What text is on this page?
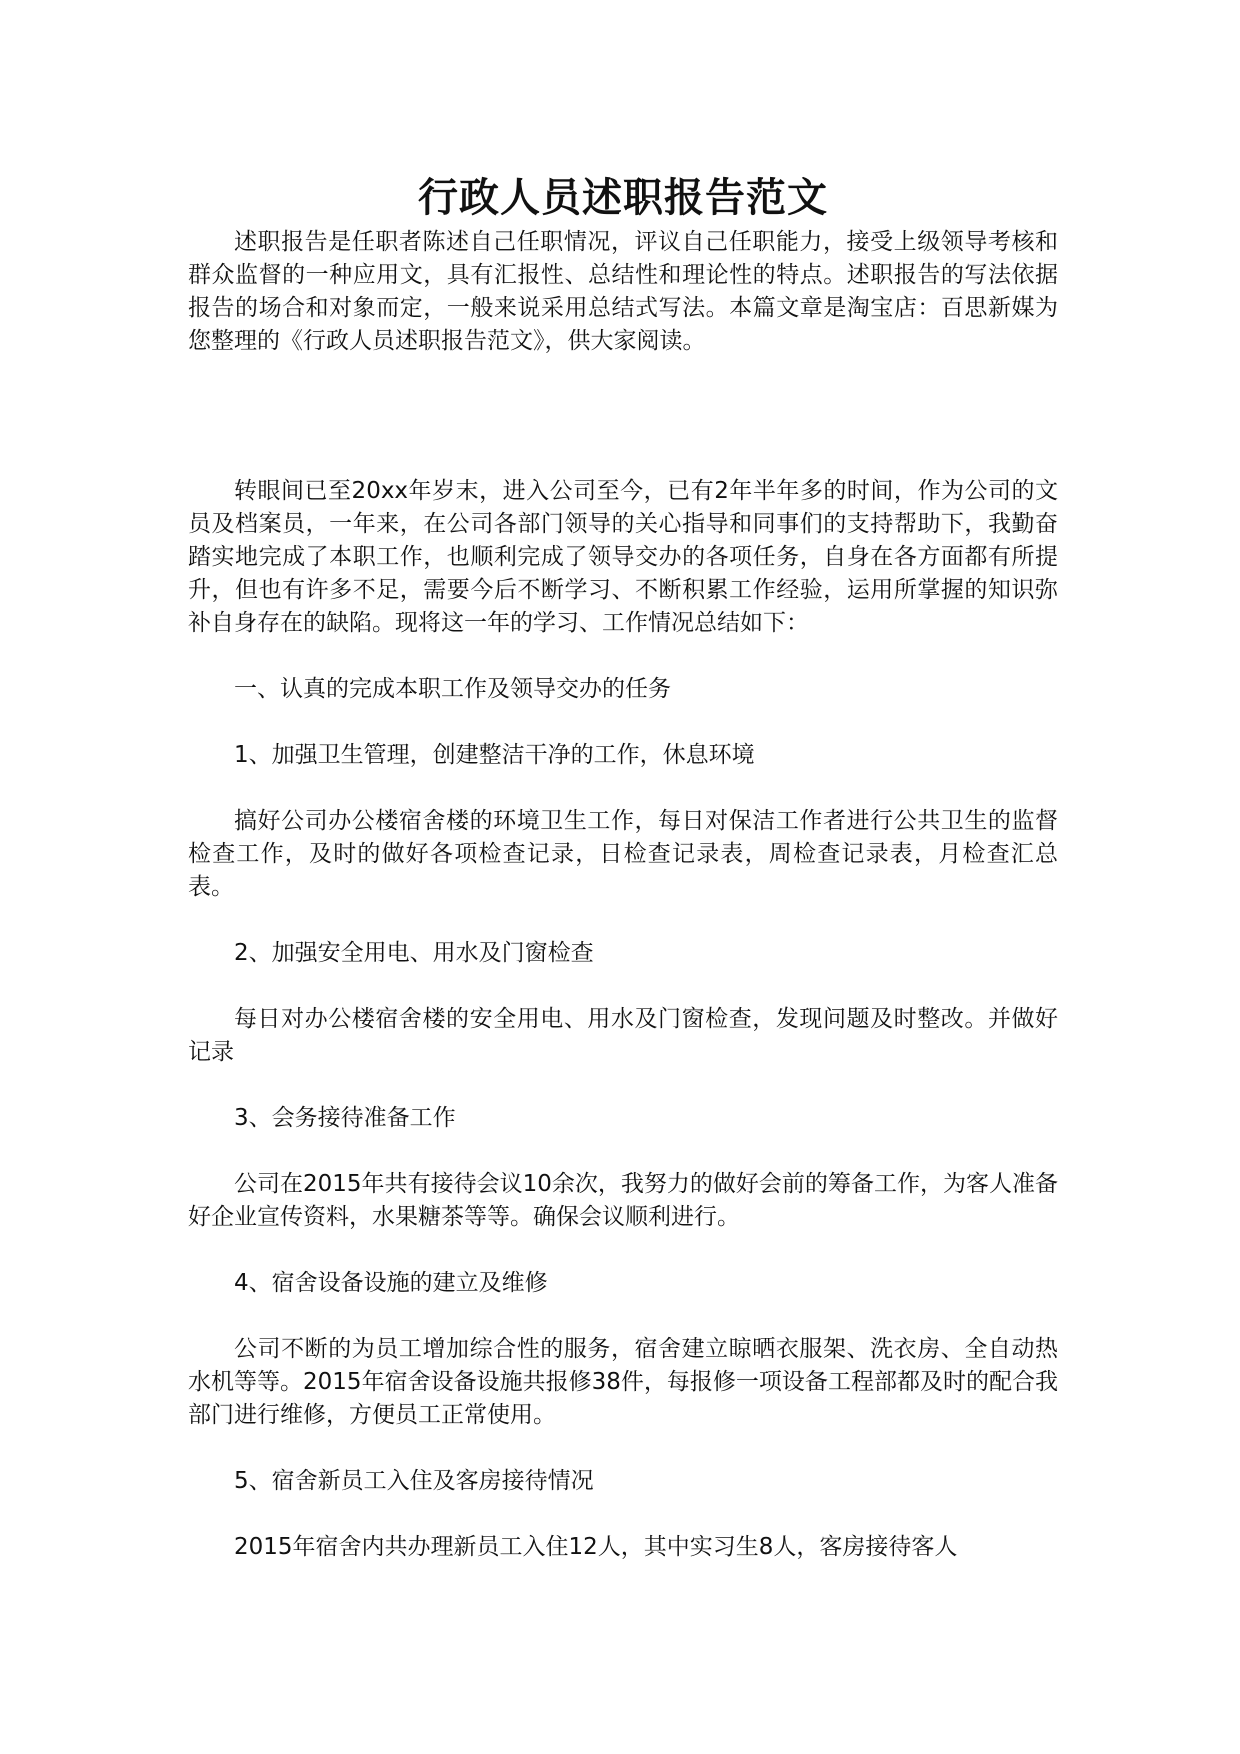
行政人员述职报告范文

述职报告是任职者陈述自己任职情况，评议自己任职能力，接受上级领导考核和群众监督的一种应用文，具有汇报性、总结性和理论性的特点。述职报告的写法依据报告的场合和对象而定，一般来说采用总结式写法。本篇文章是淘宝店：百思新媒为您整理的《行政人员述职报告范文》，供大家阅读。

转眼间已至20xx年岁末，进入公司至今，已有2年半年多的时间，作为公司的文员及档案员，一年来，在公司各部门领导的关心指导和同事们的支持帮助下，我勤奋踏实地完成了本职工作，也顺利完成了领导交办的各项任务，自身在各方面都有所提升，但也有许多不足，需要今后不断学习、不断积累工作经验，运用所掌握的知识弥补自身存在的缺陷。现将这一年的学习、工作情况总结如下：

一、认真的完成本职工作及领导交办的任务

1、加强卫生管理，创建整洁干净的工作，休息环境

搞好公司办公楼宿舍楼的环境卫生工作，每日对保洁工作者进行公共卫生的监督检查工作，及时的做好各项检查记录，日检查记录表，周检查记录表，月检查汇总表。

2、加强安全用电、用水及门窗检查

每日对办公楼宿舍楼的安全用电、用水及门窗检查，发现问题及时整改。并做好记录

3、会务接待准备工作

公司在2015年共有接待会议10余次，我努力的做好会前的筹备工作，为客人准备好企业宣传资料，水果糖茶等等。确保会议顺利进行。

4、宿舍设备设施的建立及维修

公司不断的为员工增加综合性的服务，宿舍建立晾晒衣服架、洗衣房、全自动热水机等等。2015年宿舍设备设施共报修38件，每报修一项设备工程部都及时的配合我部门进行维修，方便员工正常使用。

5、宿舍新员工入住及客房接待情况

2015年宿舍内共办理新员工入住12人，其中实习生8人，客房接待客人
